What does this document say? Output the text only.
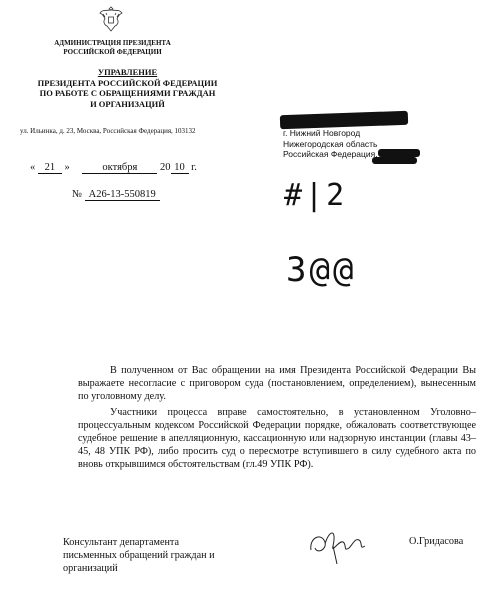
АДМИНИСТРАЦИЯ ПРЕЗИДЕНТА
РОССИЙСКОЙ ФЕДЕРАЦИИ
УПРАВЛЕНИЕ
ПРЕЗИДЕНТА РОССИЙСКОЙ ФЕДЕРАЦИИ
ПО РАБОТЕ С ОБРАЩЕНИЯМИ ГРАЖДАН
И ОРГАНИЗАЦИЙ
ул. Ильинка, д. 23, Москва, Российская Федерация, 103132
« 21 »	октября 20 10 г.
№ А26-13-550819
г. Нижний Новгород
Нижегородская область
Российская Федерация,
#|2
З@@

В полученном от Вас обращении на имя Президента Российской Федерации Вы выражаете несогласие с приговором суда (постановлением, определением), вынесенным по уголовному делу.

Участники процесса вправе самостоятельно, в установленном Уголовно–процессуальным кодексом Российской Федерации порядке, обжаловать соответствующее судебное решение в апелляционную, кассационную или надзорную инстанции (главы 43–45, 48 УПК РФ), либо просить суд о пересмотре вступившего в силу судебного акта по вновь открывшимся обстоятельствам (гл.49 УПК РФ).

Консультант департамента
письменных обращений граждан и
организаций
О.Гридасова
